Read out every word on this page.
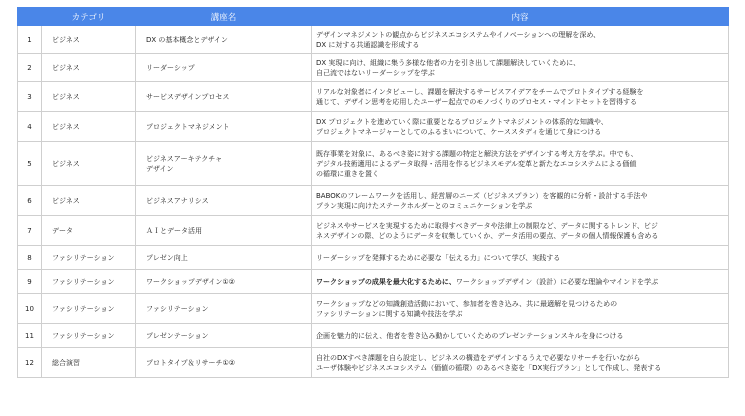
	カテゴリ	講座名	内容
1	ビジネス	DX の基本概念とデザイン	デザインマネジメントの観点からビジネスエコシステムやイノベーションへの理解を深め、
DX に対する共通認識を形成する

2	ビジネス	リーダーシップ	DX 実現に向け、組織に集う多様な他者の力を引き出して課題解決していくために、
自己流ではないリーダーシップを学ぶ

3	ビジネス	サービスデザインプロセス	リアルな対象者にインタビューし、課題を解決するサービスアイデアをチームでプロトタイプする経験を
通じて、デザイン思考を応用したユーザー起点でのモノづくりのプロセス・マインドセットを習得する

4	ビジネス	プロジェクトマネジメント	DX プロジェクトを進めていく際に重要となるプロジェクトマネジメントの体系的な知識や、
プロジェクトマネージャーとしてのふるまいについて、ケーススタディを通じて身につける

5	ビジネス	ビジネスアーキテクチャ
デザイン	既存事業を対象に、あるべき姿に対する課題の特定と解決方法をデザインする考え方を学ぶ。中でも、
デジタル技術適用によるデータ取得・活用を作るビジネスモデル変革と新たなエコシステムによる価値
の循環に重きを置く

6	ビジネス	ビジネスアナリシス	BABOKのフレームワークを活用し、経営層のニーズ（ビジネスプラン）を客観的に分析・設計する手法や
プラン実現に向けたステークホルダーとのコミュニケーションを学ぶ

7	データ	ＡＩとデータ活用	ビジネスやサービスを実現するために取得すべきデータや法律上の制限など、データに関するトレンド、ビジ
ネスデザインの際、どのようにデータを収集していくか、データ活用の要点、データの個人情報保護も含める

8	ファシリテーション	プレゼン向上	リーダーシップを発揮するために必要な「伝える力」について学び、実践する

9	ファシリテーション	ワークショップデザイン①②	ワークショップの成果を最大化するために、ワークショップデザイン（設計）に必要な理論やマインドを学ぶ

10	ファシリテーション	ファシリテーション	ワークショップなどの知識創造活動において、参加者を巻き込み、共に最適解を見つけるための
ファシリテーションに関する知識や技法を学ぶ

11	ファシリテーション	プレゼンテーション	企画を魅力的に伝え、他者を巻き込み動かしていくためのプレゼンテーションスキルを身につける

12	総合演習	プロトタイプ＆リサーチ①②	自社のDXすべき課題を自ら設定し、ビジネスの構造をデザインするうえで必要なリサーチを行いながら
ユーザ体験やビジネスエコシステム（価値の循環）のあるべき姿を「DX実行プラン」として作成し、発表する
